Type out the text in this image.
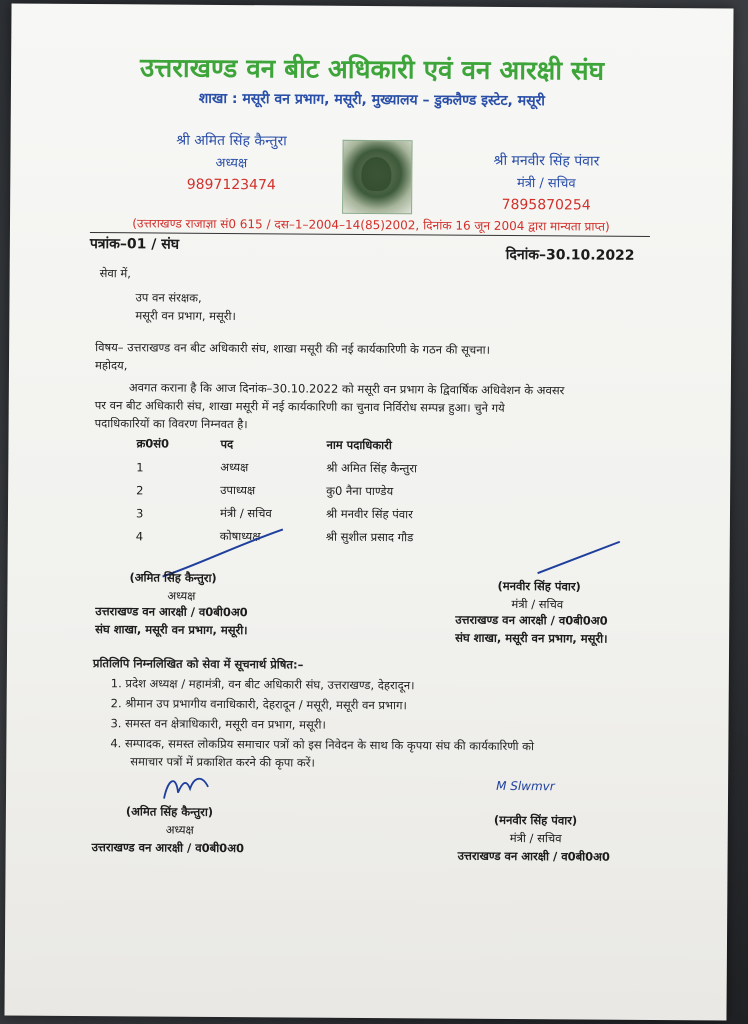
उत्तराखण्ड वन बीट अधिकारी एवं वन आरक्षी संघ
शाखा : मसूरी वन प्रभाग, मसूरी, मुख्यालय – डुकलैण्ड इस्टेट, मसूरी
श्री अमित सिंह कैन्तुरा
अध्यक्ष
9897123474
श्री मनवीर सिंह पंवार
मंत्री / सचिव
7895870254
(उत्तराखण्ड राजाज्ञा सं0 615 / दस–1–2004–14(85)2002, दिनांक 16 जून 2004 द्वारा मान्यता प्राप्त)
पत्रांक–01 / संघ
दिनांक–30.10.2022
सेवा में,
उप वन संरक्षक,
मसूरी वन प्रभाग, मसूरी।
विषय– उत्तराखण्ड वन बीट अधिकारी संघ, शाखा मसूरी की नई कार्यकारिणी के गठन की सूचना।
महोदय,
अवगत कराना है कि आज दिनांक–30.10.2022 को मसूरी वन प्रभाग के द्विवार्षिक अधिवेशन के अवसर
पर वन बीट अधिकारी संघ, शाखा मसूरी में नई कार्यकारिणी का चुनाव निर्विरोध सम्पन्न हुआ। चुने गये
पदाधिकारियों का विवरण निम्नवत है।
क्र0सं0	पद	नाम पदाधिकारी
1	अध्यक्ष	श्री अमित सिंह कैन्तुरा
2	उपाध्यक्ष	कु0 नैना पाण्डेय
3	मंत्री / सचिव	श्री मनवीर सिंह पंवार
4	कोषाध्यक्ष	श्री सुशील प्रसाद गौड
(अमित सिंह कैन्तुरा)
अध्यक्ष
उत्तराखण्ड वन आरक्षी / व0बी0अ0
संघ शाखा, मसूरी वन प्रभाग, मसूरी।
(मनवीर सिंह पंवार)
मंत्री / सचिव
उत्तराखण्ड वन आरक्षी / व0बी0अ0
संघ शाखा, मसूरी वन प्रभाग, मसूरी।
प्रतिलिपि निम्नलिखित को सेवा में सूचनार्थ प्रेषित:–
1. प्रदेश अध्यक्ष / महामंत्री, वन बीट अधिकारी संघ, उत्तराखण्ड, देहरादून।
2. श्रीमान उप प्रभागीय वनाधिकारी, देहरादून / मसूरी, मसूरी वन प्रभाग।
3. समस्त वन क्षेत्राधिकारी, मसूरी वन प्रभाग, मसूरी।
4. सम्पादक, समस्त लोकप्रिय समाचार पत्रों को इस निवेदन के साथ कि कृपया संघ की कार्यकारिणी को
समाचार पत्रों में प्रकाशित करने की कृपा करें।
M Slwmvr
(अमित सिंह कैन्तुरा)
अध्यक्ष
उत्तराखण्ड वन आरक्षी / व0बी0अ0
(मनवीर सिंह पंवार)
मंत्री / सचिव
उत्तराखण्ड वन आरक्षी / व0बी0अ0
